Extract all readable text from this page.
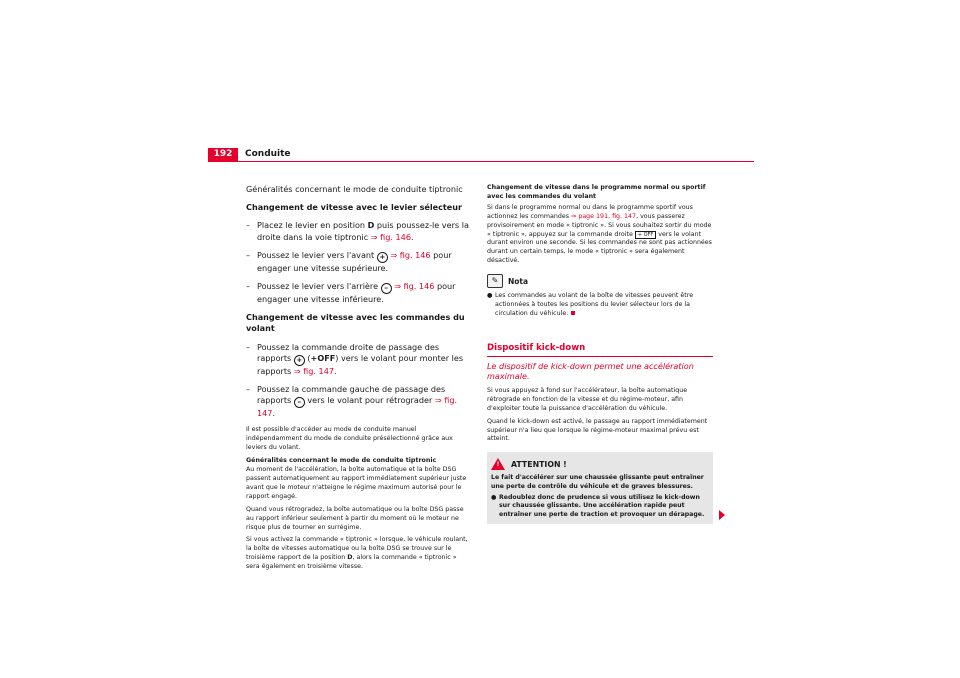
192	Conduite

Généralités concernant le mode de conduite tiptronic

Changement de vitesse avec le levier sélecteur

– Placez le levier en position D puis poussez-le vers la droite dans la voie tiptronic ⇒ fig. 146.
– Poussez le levier vers l'avant + ⇒ fig. 146 pour engager une vitesse supérieure.
– Poussez le levier vers l'arrière – ⇒ fig. 146 pour engager une vitesse inférieure.

Changement de vitesse avec les commandes du volant

– Poussez la commande droite de passage des rapports + (+OFF) vers le volant pour monter les rapports ⇒ fig. 147.
– Poussez la commande gauche de passage des rapports – vers le volant pour rétrograder ⇒ fig. 147.

Il est possible d'accéder au mode de conduite manuel indépendamment du mode de conduite présélectionné grâce aux leviers du volant.

Généralités concernant le mode de conduite tiptronic

Au moment de l'accélération, la boîte automatique et la boîte DSG passent automatiquement au rapport immédiatement supérieur juste avant que le moteur n'atteigne le régime maximum autorisé pour le rapport engagé.

Quand vous rétrogradez, la boîte automatique ou la boîte DSG passe au rapport inférieur seulement à partir du moment où le moteur ne risque plus de tourner en surrégime.

Si vous activez la commande « tiptronic » lorsque, le véhicule roulant, la boîte de vitesses automatique ou la boîte DSG se trouve sur le troisième rapport de la position D, alors la commande « tiptronic » sera également en troisième vitesse.

Changement de vitesse dans le programme normal ou sportif avec les commandes du volant

Si dans le programme normal ou dans le programme sportif vous actionnez les commandes ⇒ page 191, fig. 147, vous passerez provisoirement en mode « tiptronic ». Si vous souhaitez sortir du mode « tiptronic », appuyez sur la commande droite + OFF vers le volant durant environ une seconde. Si les commandes ne sont pas actionnées durant un certain temps, le mode « tiptronic » sera également désactivé.

✎	Nota
● Les commandes au volant de la boîte de vitesses peuvent être actionnées à toutes les positions du levier sélecteur lors de la circulation du véhicule.
Dispositif kick-down
Le dispositif de kick-down permet une accélération maximale.

Si vous appuyez à fond sur l'accélérateur, la boîte automatique rétrograde en fonction de la vitesse et du régime-moteur, afin d'exploiter toute la puissance d'accélération du véhicule.

Quand le kick-down est activé, le passage au rapport immédiatement supérieur n'a lieu que lorsque le régime-moteur maximal prévu est atteint.

! ATTENTION !

Le fait d'accélérer sur une chaussée glissante peut entraîner une perte de contrôle du véhicule et de graves blessures.

● Redoublez donc de prudence si vous utilisez le kick-down sur chaussée glissante. Une accélération rapide peut entraîner une perte de traction et provoquer un dérapage.
